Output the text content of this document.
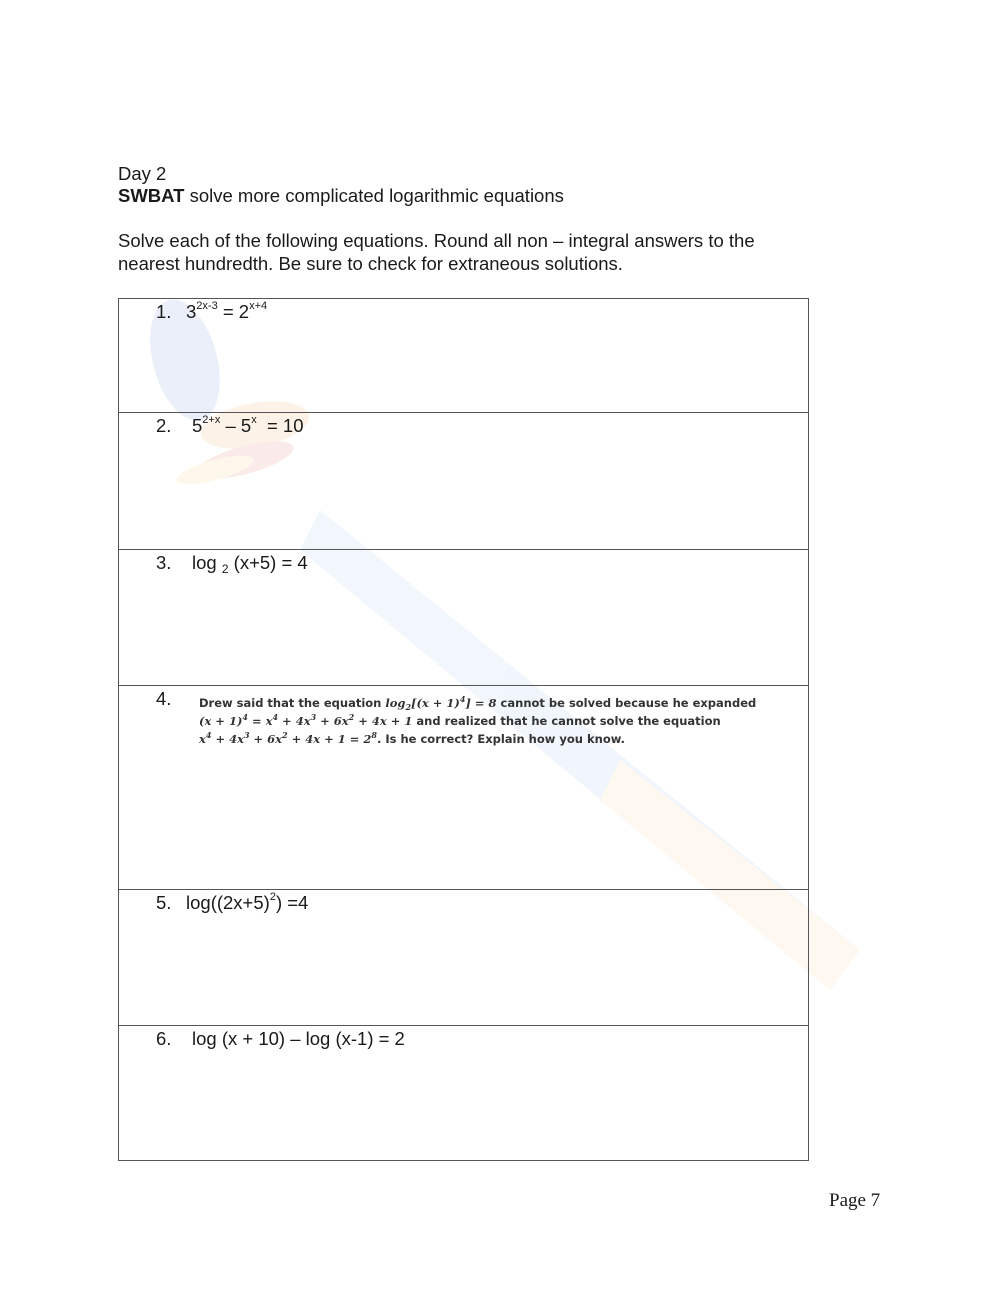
Day 2
SWBAT solve more complicated logarithmic equations
Solve each of the following equations. Round all non – integral answers to the
nearest hundredth. Be sure to check for extraneous solutions.
1. $3^{2x-3} = 2^{x+4}$
2. $5^{2+x} - 5^x = 10$
3. log $_2$ (x+5) = 4
4. Drew said that the equation $\log_2[(x + 1)^4] = 8$ cannot be solved because he expanded
$(x + 1)^4 = x^4 + 4x^3 + 6x^2 + 4x + 1$ and realized that he cannot solve the equation
$x^4 + 4x^3 + 6x^2 + 4x + 1 = 2^8$. Is he correct? Explain how you know.
5. $\log((2x+5)^2) =4$
6. log (x + 10) – log (x-1) = 2
Page 7
